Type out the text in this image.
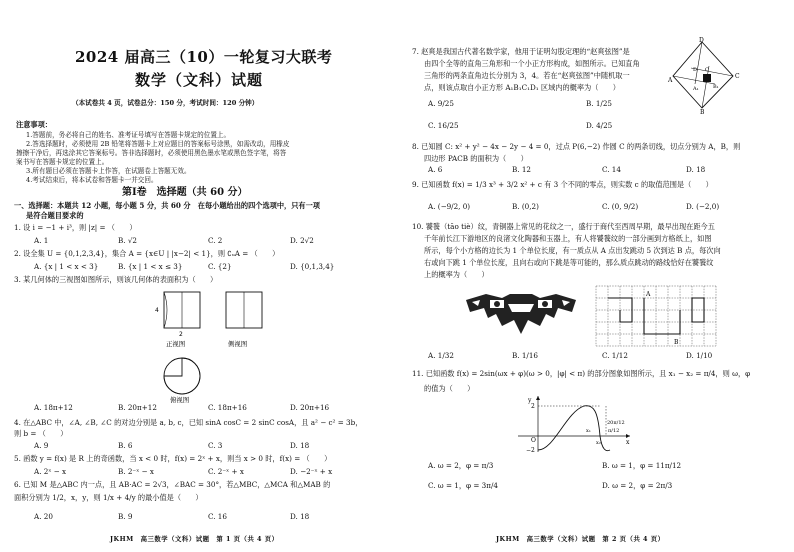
2024 届高三（10）一轮复习大联考
数学（文科）试题
（本试卷共 4 页，试卷总分：150 分，考试时间：120 分钟）
注意事项：
1.答题前，务必将自己的姓名、准考证号填写在答题卡规定的位置上。
2.答选择题时，必须使用 2B 铅笔将答题卡上对应题目的答案标号涂黑，如需改动，用橡皮
擦擦干净后，再选涂其它答案标号。答非选择题时，必须使用黑色墨水笔或黑色签字笔，将答
案书写在答题卡规定的位置上。
3.所有题目必须在答题卡上作答，在试题卷上答题无效。
4.考试结束后，将本试卷和答题卡一并交回。
第Ⅰ卷　选择题（共 60 分）
一、选择题：本题共 12 小题，每小题 5 分，共 60 分　在每小题给出的四个选项中，只有一项
是符合题目要求的
1. 设 i = −1 + i³，则 |z| = （　　）
A. 1	B. √2	C. 2	D. 2√2
2. 设全集 U = {0,1,2,3,4}，集合 A = {x∈U | |x−2| < 1}，则 ∁ᵤA = （　　）
A. {x | 1 < x < 3}	B. {x | 1 < x ≤ 3}	C. {2}	D. {0,1,3,4}
3. 某几何体的三视图如图所示，则该几何体的表面积为（　　）
4
2
正视图	侧视图
俯视图
A. 18π+12	B. 20π+12	C. 18π+16	D. 20π+16
4. 在△ABC 中，∠A, ∠B, ∠C 的对边分别是 a, b, c，已知 sinA cosC = 2 sinC cosA，且 a² − c² = 3b，
则 b = （　　）
A. 9	B. 6	C. 3	D. 18
5. 函数 y = f(x) 是 R 上的奇函数，当 x < 0 时，f(x) = 2ˣ + x，则当 x > 0 时，f(x) = （　　）
A. 2ˣ − x	B. 2⁻ˣ − x	C. 2⁻ˣ + x	D. −2⁻ˣ + x
6. 已知 M 是△ABC 内一点，且 AB·AC = 2√3，∠BAC = 30°，若△MBC，△MCA 和△MAB 的
面积分别为 1/2，x，y，则 1/x + 4/y 的最小值是（　　）
A. 20	B. 9	C. 16	D. 18
JKHM　高三数学（文科）试题　第 1 页（共 4 页）
7. 赵爽是我国古代著名数学家，他用于证明勾股定理的“赵爽弦图”是
由四个全等的直角三角形和一个小正方形构成，如图所示。已知直角
三角形的两条直角边长分别为 3，4。若在“赵爽弦图”中随机取一
点，则该点取自小正方形 A₁B₁C₁D₁ 区域内的概率为（　　）
D
C
B
A
A₁	B₁
C
D
A. 9/25	B. 1/25
C. 16/25	D. 4/25
8. 已知圆 C: x² + y² − 4x − 2y − 4 = 0，过点 P(6,−2) 作圆 C 的两条切线，切点分别为 A，B，则
四边形 PACB 的面积为（　　）
A. 6	B. 12	C. 14	D. 18
9. 已知函数 f(x) = 1/3 x³ + 3/2 x² + c 有 3 个不同的零点，则实数 c 的取值范围是（　　）
A. (−9/2, 0)	B. (0,2)	C. (0, 9/2)	D. (−2,0)
10. 饕餮（tāo tiè）纹，青铜器上常见的花纹之一，盛行于商代至西周早期，最早出现在距今五
千年前长江下游地区的良渚文化陶器和玉器上，有人将饕餮纹的一部分画到方格纸上，如图
所示，每个小方格的边长为 1 个单位长度，有一质点从 A 点出发跳动 5 次到达 B 点，每次向
右或向下跳 1 个单位长度，且向右或向下跳是等可能的，那么质点跳动的路线恰好在饕餮纹
上的概率为（　　）
A
B
A. 1/32	B. 1/16	C. 1/12	D. 1/10
11. 已知函数 f(x) = 2sin(ωx + φ)(ω > 0，|φ| < π) 的部分图象如图所示，且 x₁ − x₂ = π/4，则 ω，φ
的值为（　　）
y
2
−2
O	x
x₁
x₂
20π/12
π/12
A. ω = 2，φ = π/3	B. ω = 1，φ = 11π/12
C. ω = 1，φ = 3π/4	D. ω = 2，φ = 2π/3
JKHM　高三数学（文科）试题　第 2 页（共 4 页）
